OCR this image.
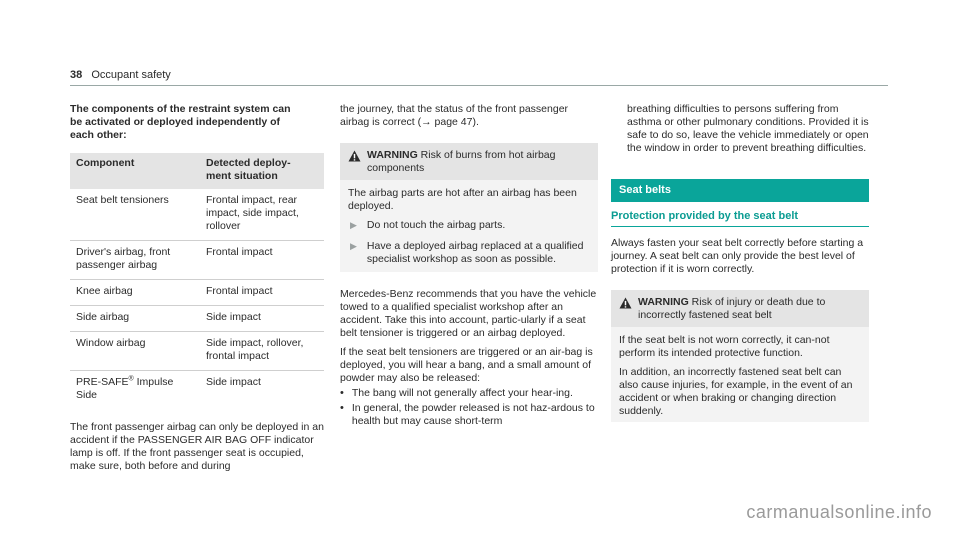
38 Occupant safety

The components of the restraint system can
be activated or deployed independently of
each other:

Component	Detected deploy-
ment situation
Seat belt tensioners	Frontal impact, rear
impact, side impact,
rollover
Driver's airbag, front
passenger airbag	Frontal impact
Knee airbag	Frontal impact
Side airbag	Side impact
Window airbag	Side impact, rollover,
frontal impact
PRE-SAFE® Impulse
Side	Side impact

The front passenger airbag can only be deployed in an accident if the PASSENGER AIR BAG OFF indicator lamp is off. If the front passenger seat is occupied, make sure, both before and during

the journey, that the status of the front passenger airbag is correct (→ page 47).

WARNING Risk of burns from hot airbag components

The airbag parts are hot after an airbag has been deployed.

▶ Do not touch the airbag parts.
▶ Have a deployed airbag replaced at a qualified specialist workshop as soon as possible.

Mercedes-Benz recommends that you have the vehicle towed to a qualified specialist workshop after an accident. Take this into account, partic-ularly if a seat belt tensioner is triggered or an airbag deployed.

If the seat belt tensioners are triggered or an air-bag is deployed, you will hear a bang, and a small amount of powder may also be released:

• The bang will not generally affect your hear-ing.
• In general, the powder released is not haz-ardous to health but may cause short-term

breathing difficulties to persons suffering from asthma or other pulmonary conditions. Provided it is safe to do so, leave the vehicle immediately or open the window in order to prevent breathing difficulties.

Seat belts
Protection provided by the seat belt

Always fasten your seat belt correctly before starting a journey. A seat belt can only provide the best level of protection if it is worn correctly.

WARNING Risk of injury or death due to incorrectly fastened seat belt

If the seat belt is not worn correctly, it can-not perform its intended protective function.

In addition, an incorrectly fastened seat belt can also cause injuries, for example, in the event of an accident or when braking or changing direction suddenly.

carmanualsonline.info
